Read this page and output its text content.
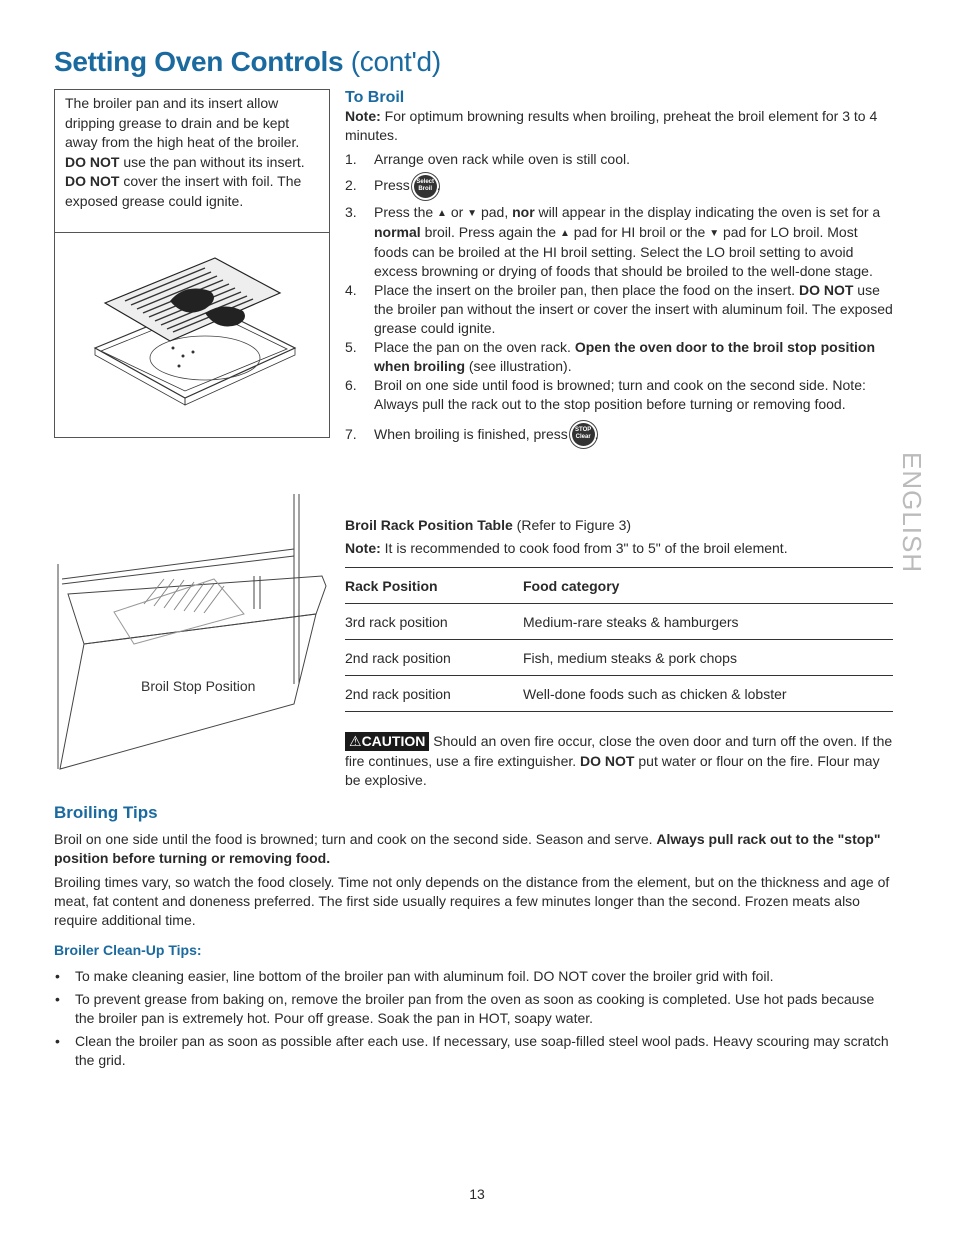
Setting Oven Controls (cont'd)
The broiler pan and its insert allow dripping grease to drain and be kept away from the high heat of the broiler. DO NOT use the pan without its insert. DO NOT cover the insert with foil. The exposed grease could ignite.
Broil Stop Position
To Broil
Note: For optimum browning results when broiling, preheat the broil element for 3 to 4 minutes.
1. Arrange oven rack while oven is still cool.
2. Press Select
Broil .
3. Press the ▲ or ▼ pad, nor will appear in the display indicating the oven is set for a normal broil. Press again the ▲ pad for HI broil or the ▼ pad for LO broil. Most foods can be broiled at the HI broil setting. Select the LO broil setting to avoid excess browning or drying of foods that should be broiled to the well-done stage.
4. Place the insert on the broiler pan, then place the food on the insert. DO NOT use the broiler pan without the insert or cover the insert with aluminum foil. The exposed grease could ignite.
5. Place the pan on the oven rack. Open the oven door to the broil stop position when broiling (see illustration).
6. Broil on one side until food is browned; turn and cook on the second side. Note: Always pull the rack out to the stop position before turning or removing food.
7. When broiling is finished, press STOP
Clear .
Broil Rack Position Table (Refer to Figure 3)
Note: It is recommended to cook food from 3" to 5" of the broil element.
Rack Position	Food category
3rd rack position	Medium-rare steaks & hamburgers
2nd rack position	Fish, medium steaks & pork chops
2nd rack position	Well-done foods such as chicken & lobster
⚠CAUTION Should an oven fire occur, close the oven door and turn off the oven. If the fire continues, use a fire extinguisher. DO NOT put water or flour on the fire. Flour may be explosive.
ENGLISH
Broiling Tips
Broil on one side until the food is browned; turn and cook on the second side. Season and serve. Always pull rack out to the "stop" position before turning or removing food.
Broiling times vary, so watch the food closely. Time not only depends on the distance from the element, but on the thickness and age of meat, fat content and doneness preferred. The first side usually requires a few minutes longer than the second. Frozen meats also require additional time.
Broiler Clean-Up Tips:
• To make cleaning easier, line bottom of the broiler pan with aluminum foil. DO NOT cover the broiler grid with foil.
• To prevent grease from baking on, remove the broiler pan from the oven as soon as cooking is completed. Use hot pads because the broiler pan is extremely hot. Pour off grease. Soak the pan in HOT, soapy water.
• Clean the broiler pan as soon as possible after each use. If necessary, use soap-filled steel wool pads. Heavy scouring may scratch the grid.
13
